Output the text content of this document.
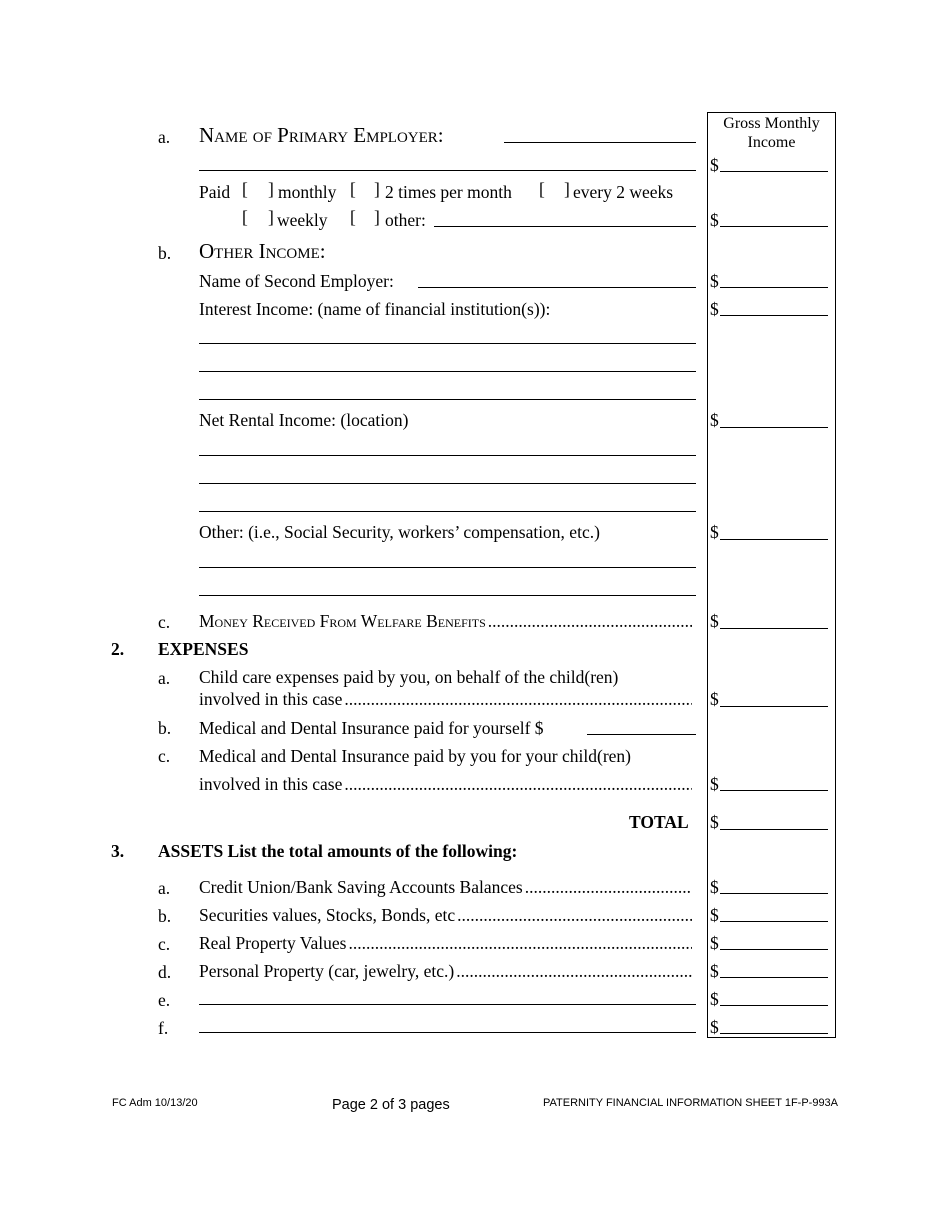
Gross Monthly
Income
a. Name of Primary Employer:
$
Paid [ ] monthly [ ] 2 times per month [ ] every 2 weeks
[ ] weekly [ ] other:	$
b. Other Income:
Name of Second Employer:	$
Interest Income: (name of financial institution(s)):	$
Net Rental Income: (location)	$
Other: (i.e., Social Security, workers’ compensation, etc.)	$
c. Money Received From Welfare Benefits .....	$
2. EXPENSES
a. Child care expenses paid by you, on behalf of the child(ren)
involved in this case .....	$
b. Medical and Dental Insurance paid for yourself $
c. Medical and Dental Insurance paid by you for your child(ren)
involved in this case .....	$
TOTAL $
3. ASSETS List the total amounts of the following:
a. Credit Union/Bank Saving Accounts Balances .....	$
b. Securities values, Stocks, Bonds, etc .....	$
c. Real Property Values .....	$
d. Personal Property (car, jewelry, etc.) .....	$
e.	$
f.	$
FC Adm 10/13/20	Page 2 of 3 pages	PATERNITY FINANCIAL INFORMATION SHEET 1F-P-993A
